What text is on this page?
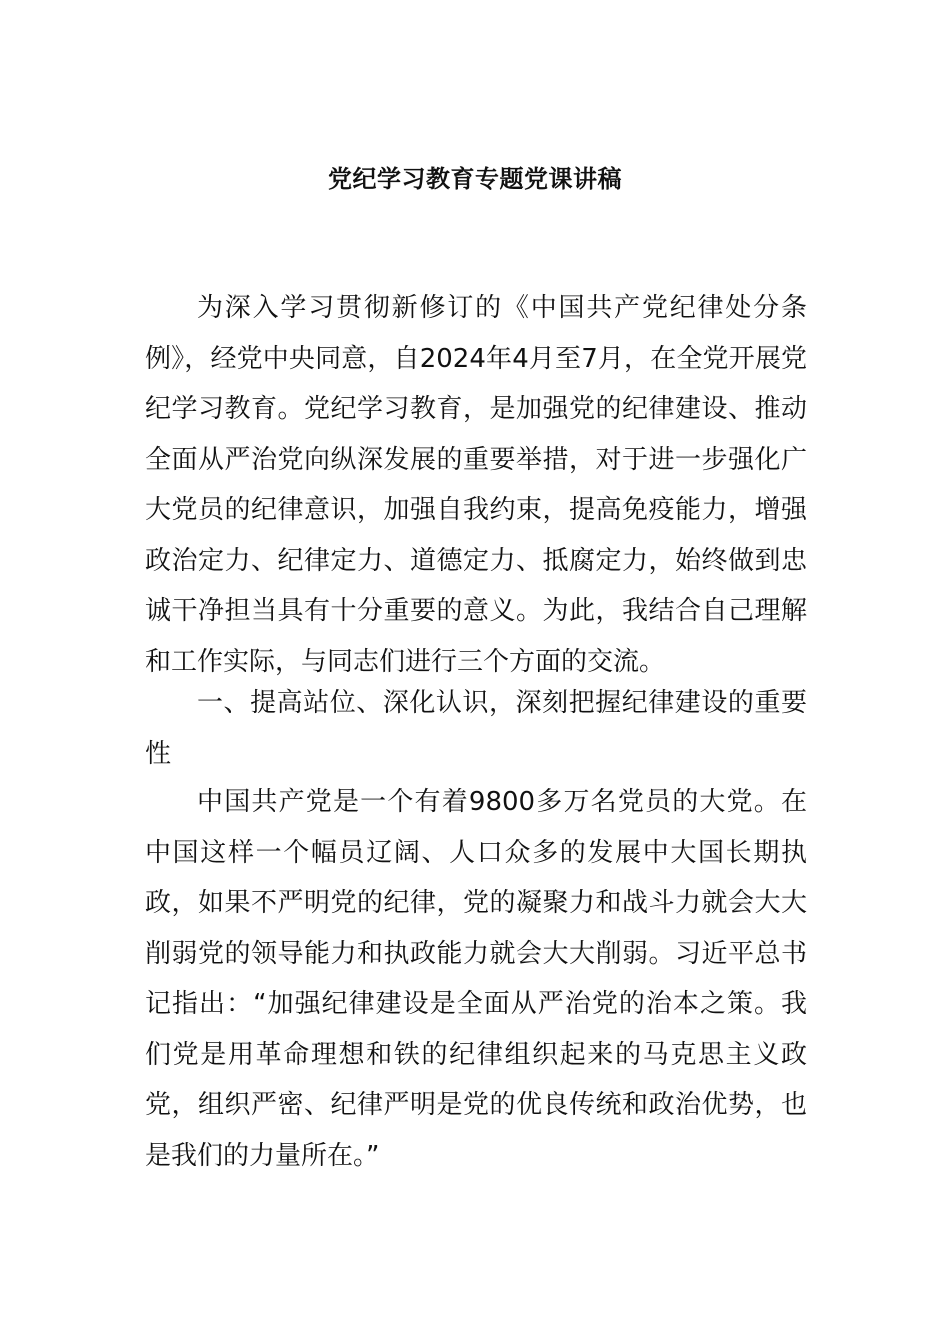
党纪学习教育专题党课讲稿

为深入学习贯彻新修订的《中国共产党纪律处分条例》，经党中央同意，自2024年4月至7月，在全党开展党纪学习教育。党纪学习教育，是加强党的纪律建设、推动全面从严治党向纵深发展的重要举措，对于进一步强化广大党员的纪律意识，加强自我约束，提高免疫能力，增强政治定力、纪律定力、道德定力、抵腐定力，始终做到忠诚干净担当具有十分重要的意义。为此，我结合自己理解和工作实际，与同志们进行三个方面的交流。

一、提高站位、深化认识，深刻把握纪律建设的重要性

中国共产党是一个有着9800多万名党员的大党。在中国这样一个幅员辽阔、人口众多的发展中大国长期执政，如果不严明党的纪律，党的凝聚力和战斗力就会大大削弱党的领导能力和执政能力就会大大削弱。习近平总书记指出：“加强纪律建设是全面从严治党的治本之策。我们党是用革命理想和铁的纪律组织起来的马克思主义政党，组织严密、纪律严明是党的优良传统和政治优势，也是我们的力量所在。”
